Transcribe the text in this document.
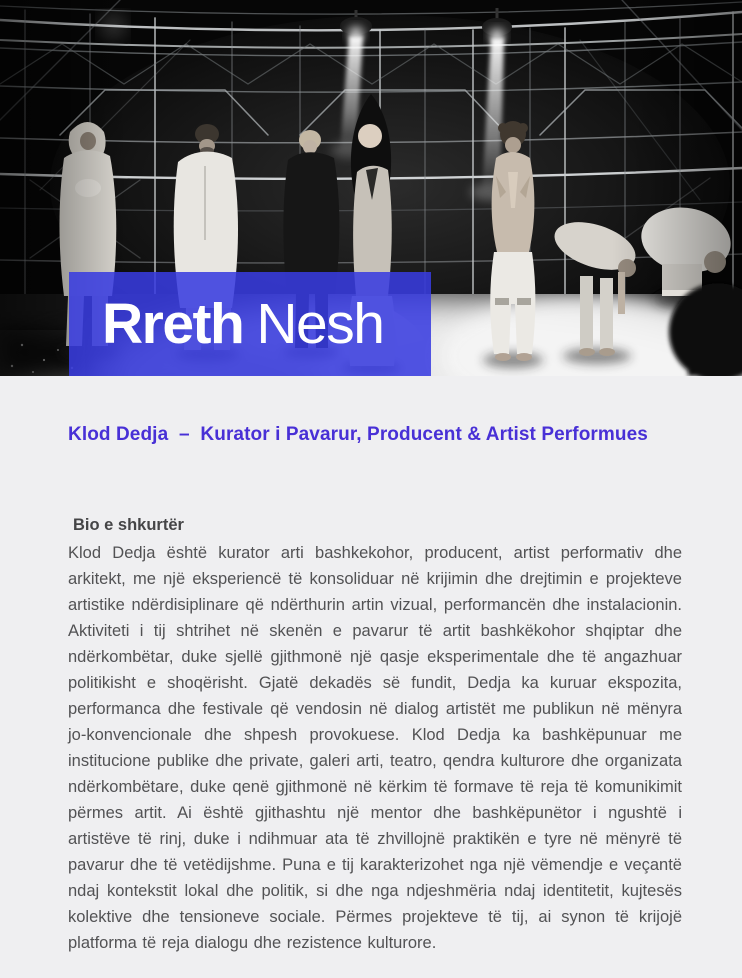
Rreth Nesh
Klod Dedja  –  Kurator i Pavarur, Producent & Artist Performues
Bio e shkurtër

Klod Dedja është kurator arti bashkekohor, producent, artist performativ dhe arkitekt, me një eksperiencë të konsoliduar në krijimin dhe drejtimin e projekteve artistike ndërdisiplinare që ndërthurin artin vizual, performancën dhe instalacionin. Aktiviteti i tij shtrihet në skenën e pavarur të artit bashkëkohor shqiptar dhe ndërkombëtar, duke sjellë gjithmonë një qasje eksperimentale dhe të angazhuar politikisht e shoqërisht. Gjatë dekadës së fundit, Dedja ka kuruar ekspozita, performanca dhe festivale që vendosin në dialog artistët me publikun në mënyra jo-konvencionale dhe shpesh provokuese. Klod Dedja ka bashkëpunuar me institucione publike dhe private, galeri arti, teatro, qendra kulturore dhe organizata ndërkombëtare, duke qenë gjithmonë në kërkim të formave të reja të komunikimit përmes artit. Ai është gjithashtu një mentor dhe bashkëpunëtor i ngushtë i artistëve të rinj, duke i ndihmuar ata të zhvillojnë praktikën e tyre në mënyrë të pavarur dhe të vetëdijshme. Puna e tij karakterizohet nga një vëmendje e veçantë ndaj kontekstit lokal dhe politik, si dhe nga ndjeshmëria ndaj identitetit, kujtesës kolektive dhe tensioneve sociale. Përmes projekteve të tij, ai synon të krijojë platforma të reja dialogu dhe rezistence kulturore.
